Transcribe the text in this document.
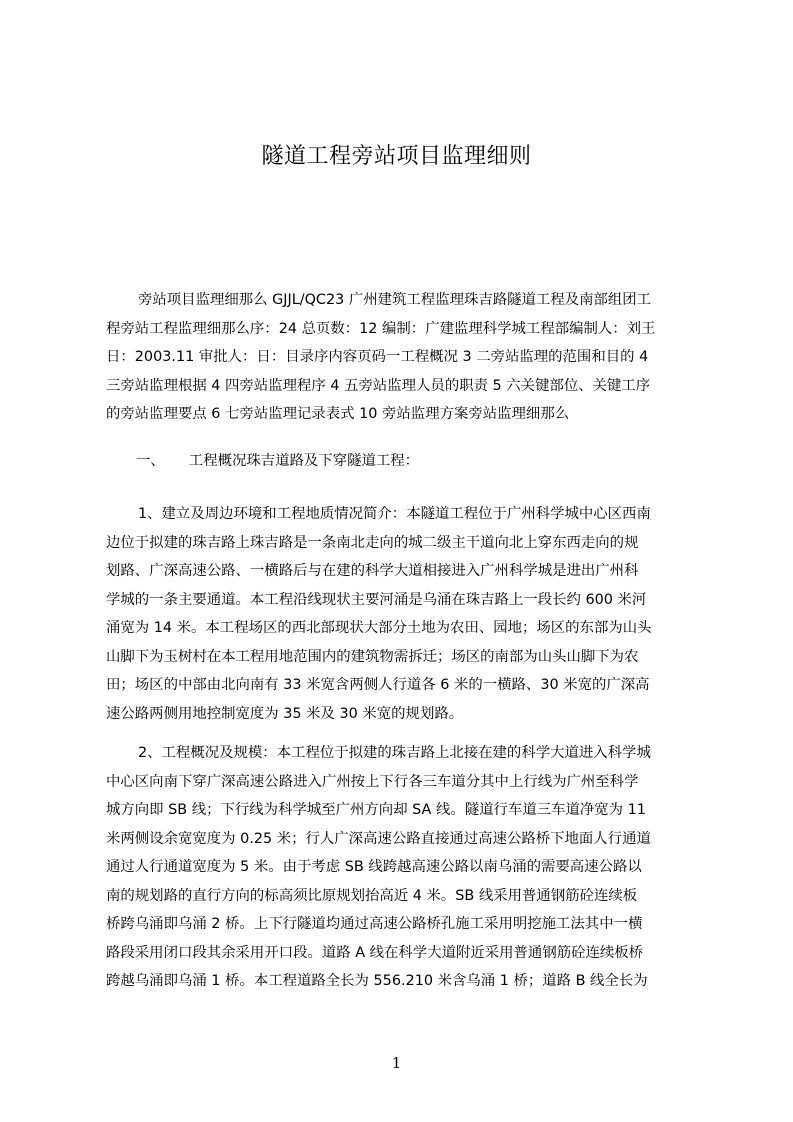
隧道工程旁站项目监理细则
旁站项目监理细那么 GJJL/QC23 广州建筑工程监理珠吉路隧道工程及南部组团工
程旁站工程监理细那么序：24 总页数：12 编制：广建监理科学城工程部编制人：刘王
日：2003.11 审批人：日：目录序内容页码一工程概况 3 二旁站监理的范围和目的 4
三旁站监理根据 4 四旁站监理程序 4 五旁站监理人员的职责 5 六关键部位、关键工序
的旁站监理要点 6 七旁站监理记录表式 10 旁站监理方案旁站监理细那么
一、 工程概况珠吉道路及下穿隧道工程：
1、建立及周边环境和工程地质情况简介：本隧道工程位于广州科学城中心区西南
边位于拟建的珠吉路上珠吉路是一条南北走向的城二级主干道向北上穿东西走向的规
划路、广深高速公路、一横路后与在建的科学大道相接进入广州科学城是进出广州科
学城的一条主要通道。本工程沿线现状主要河涌是乌涌在珠吉路上一段长约 600 米河
涌宽为 14 米。本工程场区的西北部现状大部分土地为农田、园地；场区的东部为山头
山脚下为玉树村在本工程用地范围内的建筑物需拆迁；场区的南部为山头山脚下为农
田；场区的中部由北向南有 33 米宽含两侧人行道各 6 米的一横路、30 米宽的广深高
速公路两侧用地控制宽度为 35 米及 30 米宽的规划路。
2、工程概况及规模：本工程位于拟建的珠吉路上北接在建的科学大道进入科学城
中心区向南下穿广深高速公路进入广州按上下行各三车道分其中上行线为广州至科学
城方向即 SB 线；下行线为科学城至广州方向却 SA 线。隧道行车道三车道净宽为 11
米两侧设余宽宽度为 0.25 米；行人广深高速公路直接通过高速公路桥下地面人行通道
通过人行通道宽度为 5 米。由于考虑 SB 线跨越高速公路以南乌涌的需要高速公路以
南的规划路的直行方向的标高须比原规划抬高近 4 米。SB 线采用普通钢筋砼连续板
桥跨乌涌即乌涌 2 桥。上下行隧道均通过高速公路桥孔施工采用明挖施工法其中一横
路段采用闭口段其余采用开口段。道路 A 线在科学大道附近采用普通钢筋砼连续板桥
跨越乌涌即乌涌 1 桥。本工程道路全长为 556.210 米含乌涌 1 桥；道路 B 线全长为
1
